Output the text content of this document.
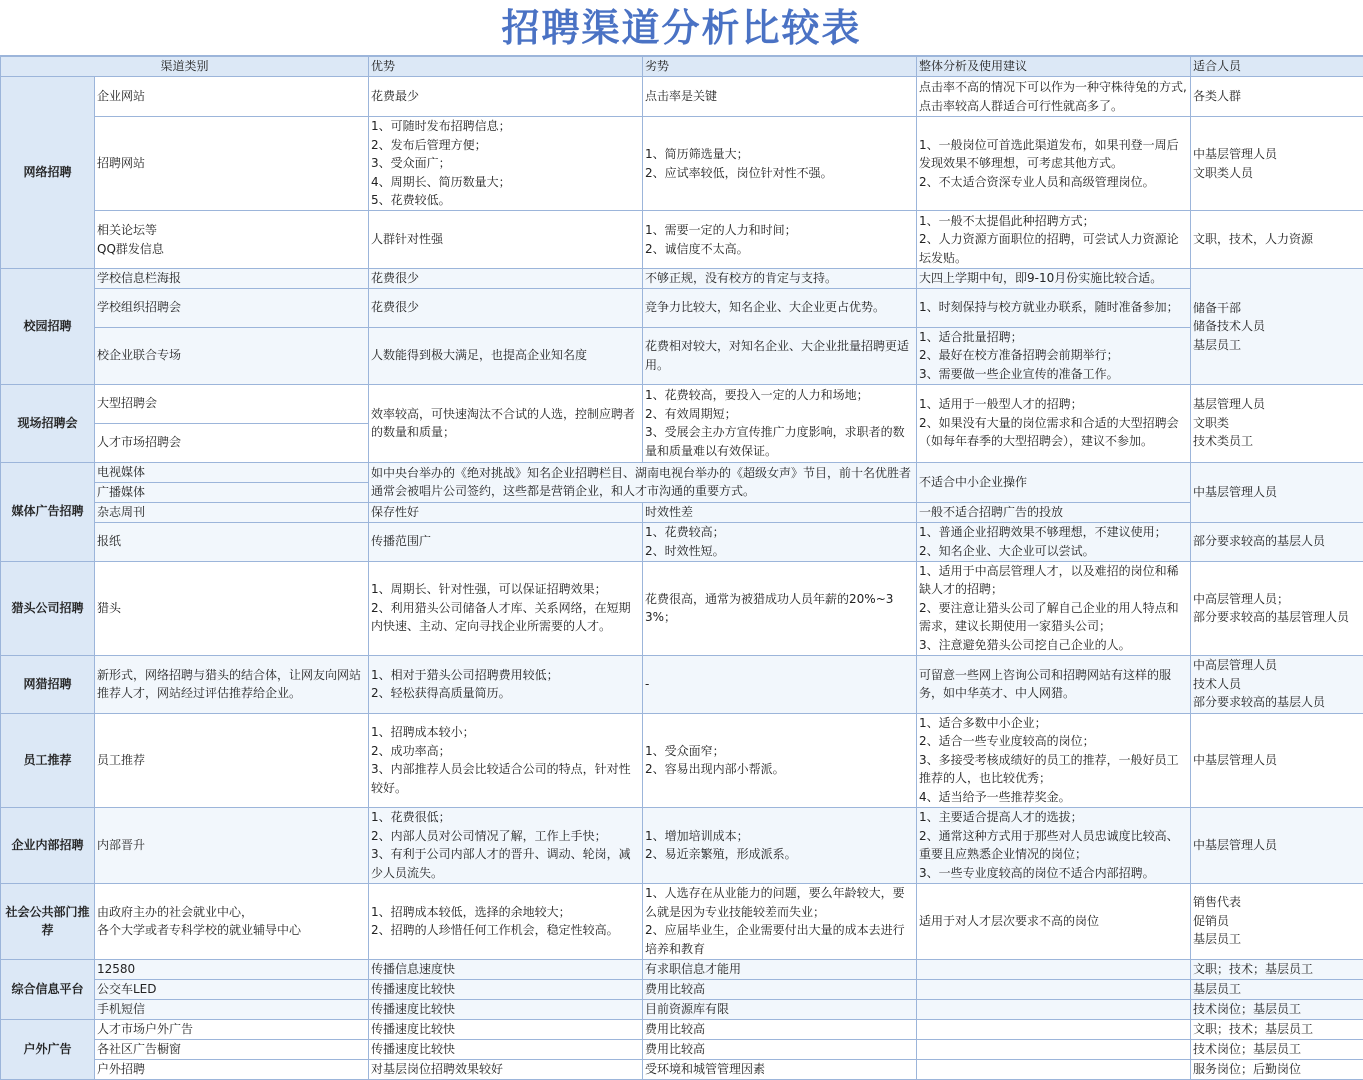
招聘渠道分析比较表
渠道类别		优势	劣势	整体分析及使用建议	适合人员
网络招聘	企业网站	花费最少	点击率是关键	点击率不高的情况下可以作为一种守株待兔的方式,点击率较高人群适合可行性就高多了。	各类人群
	招聘网站	1、可随时发布招聘信息；
2、发布后管理方便；
3、受众面广；
4、周期长、简历数量大；
5、花费较低。	1、简历筛选量大；
2、应试率较低，岗位针对性不强。	1、一般岗位可首选此渠道发布，如果刊登一周后发现效果不够理想，可考虑其他方式。
2、不太适合资深专业人员和高级管理岗位。	中基层管理人员
文职类人员
	相关论坛等
QQ群发信息	人群针对性强	1、需要一定的人力和时间；
2、诚信度不太高。	1、一般不太提倡此种招聘方式；
2、人力资源方面职位的招聘，可尝试人力资源论坛发贴。	文职，技术，人力资源
校园招聘	学校信息栏海报	花费很少	不够正规，没有校方的肯定与支持。	大四上学期中旬，即9-10月份实施比较合适。	储备干部
储备技术人员
基层员工
	学校组织招聘会	花费很少	竞争力比较大，知名企业、大企业更占优势。	1、时刻保持与校方就业办联系，随时准备参加；	
	校企业联合专场	人数能得到极大满足，也提高企业知名度	花费相对较大，对知名企业、大企业批量招聘更适用。	1、适合批量招聘；
2、最好在校方准备招聘会前期举行；
3、需要做一些企业宣传的准备工作。	
现场招聘会	大型招聘会	效率较高，可快速淘汰不合试的人选，控制应聘者的数量和质量；	1、花费较高，要投入一定的人力和场地；
2、有效周期短；
3、受展会主办方宣传推广力度影响，求职者的数量和质量难以有效保证。	1、适用于一般型人才的招聘；
2、如果没有大量的岗位需求和合适的大型招聘会（如每年春季的大型招聘会），建议不参加。	基层管理人员
文职类
技术类员工
	人才市场招聘会				
媒体广告招聘	电视媒体	如中央台举办的《绝对挑战》知名企业招聘栏目、湖南电视台举办的《超级女声》节目，前十名优胜者通常会被唱片公司签约，这些都是营销企业，和人才市沟通的重要方式。		不适合中小企业操作	中基层管理人员
	广播媒体				
	杂志周刊	保存性好	时效性差	一般不适合招聘广告的投放	
	报纸	传播范围广	1、花费较高；
2、时效性短。	1、普通企业招聘效果不够理想，不建议使用；
2、知名企业、大企业可以尝试。	部分要求较高的基层人员
猎头公司招聘	猎头	1、周期长、针对性强，可以保证招聘效果；
2、利用猎头公司储备人才库、关系网络，在短期内快速、主动、定向寻找企业所需要的人才。	花费很高，通常为被猎成功人员年薪的20%~33%；	1、适用于中高层管理人才，以及难招的岗位和稀缺人才的招聘；
2、要注意让猎头公司了解自己企业的用人特点和需求，建议长期使用一家猎头公司；
3、注意避免猎头公司挖自己企业的人。	中高层管理人员；
部分要求较高的基层管理人员
网猎招聘	新形式，网络招聘与猎头的结合体，让网友向网站推荐人才，网站经过评估推荐给企业。	1、相对于猎头公司招聘费用较低；
2、轻松获得高质量简历。	-	可留意一些网上咨询公司和招聘网站有这样的服务，如中华英才、中人网猎。	中高层管理人员
技术人员
部分要求较高的基层人员
员工推荐	员工推荐	1、招聘成本较小；
2、成功率高；
3、内部推荐人员会比较适合公司的特点，针对性较好。	1、受众面窄；
2、容易出现内部小帮派。	1、适合多数中小企业；
2、适合一些专业度较高的岗位；
3、多接受考核成绩好的员工的推荐，一般好员工推荐的人，也比较优秀；
4、适当给予一些推荐奖金。	中基层管理人员
企业内部招聘	内部晋升	1、花费很低；
2、内部人员对公司情况了解，工作上手快；
3、有利于公司内部人才的晋升、调动、轮岗，减少人员流失。	1、增加培训成本；
2、易近亲繁殖，形成派系。	1、主要适合提高人才的选拔；
2、通常这种方式用于那些对人员忠诚度比较高、重要且应熟悉企业情况的岗位；
3、一些专业度较高的岗位不适合内部招聘。	中基层管理人员
社会公共部门推荐	由政府主办的社会就业中心，
各个大学或者专科学校的就业辅导中心	1、招聘成本较低，选择的余地较大；
2、招聘的人珍惜任何工作机会，稳定性较高。	1、人选存在从业能力的问题，要么年龄较大，要么就是因为专业技能较差而失业；
2、应届毕业生，企业需要付出大量的成本去进行培养和教育	适用于对人才层次要求不高的岗位	销售代表
促销员
基层员工
综合信息平台	12580	传播信息速度快	有求职信息才能用		文职；技术；基层员工
	公交车LED	传播速度比较快	费用比较高		基层员工
	手机短信	传播速度比较快	目前资源库有限		技术岗位；基层员工
户外广告	人才市场户外广告	传播速度比较快	费用比较高		文职；技术；基层员工
	各社区广告橱窗	传播速度比较快	费用比较高		技术岗位；基层员工
	户外招聘	对基层岗位招聘效果较好	受环境和城管管理因素		服务岗位；后勤岗位
